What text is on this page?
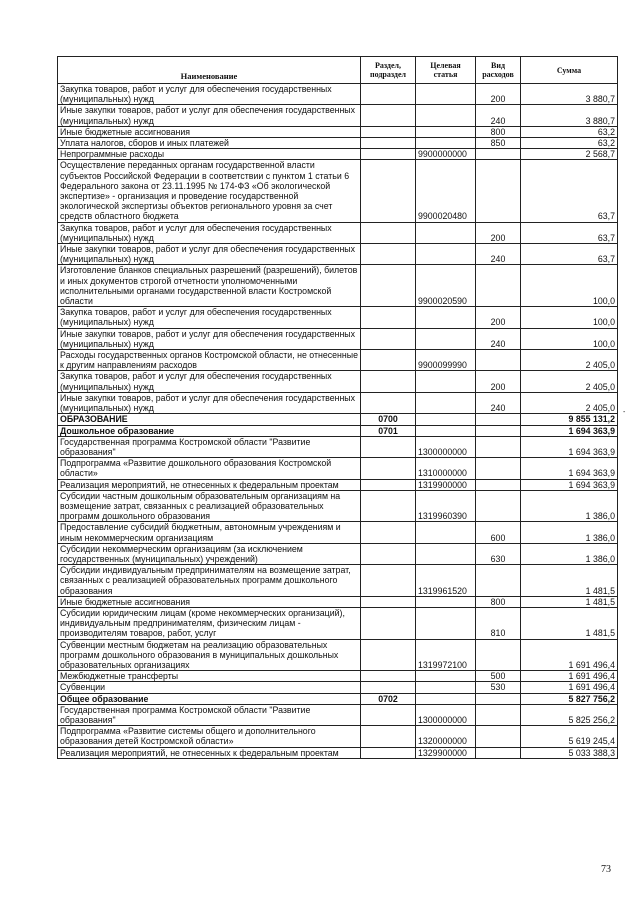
Наименование	Раздел, подраздел	Целевая статья	Вид расходов	Сумма
Закупка товаров, работ и услуг для обеспечения государственных (муниципальных) нужд			200	3 880,7
Иные закупки товаров, работ и услуг для обеспечения государственных (муниципальных) нужд			240	3 880,7
Иные бюджетные ассигнования			800	63,2
Уплата налогов, сборов и иных платежей			850	63,2
Непрограммные расходы		9900000000		2 568,7
Осуществление переданных органам государственной власти субъектов Российской Федерации в соответствии с пунктом 1 статьи 6 Федерального закона от 23.11.1995 № 174-ФЗ «Об экологической экспертизе» - организация и проведение государственной экологической экспертизы объектов регионального уровня за счет средств областного бюджета		9900020480		63,7
Закупка товаров, работ и услуг для обеспечения государственных (муниципальных) нужд			200	63,7
Иные закупки товаров, работ и услуг для обеспечения государственных (муниципальных) нужд			240	63,7
Изготовление бланков специальных разрешений (разрешений), билетов и иных документов строгой отчетности уполномоченными исполнительными органами государственной власти Костромской области		9900020590		100,0
Закупка товаров, работ и услуг для обеспечения государственных (муниципальных) нужд			200	100,0
Иные закупки товаров, работ и услуг для обеспечения государственных (муниципальных) нужд			240	100,0
Расходы государственных органов Костромской области, не отнесенные к другим направлениям расходов		9900099990		2 405,0
Закупка товаров, работ и услуг для обеспечения государственных (муниципальных) нужд			200	2 405,0
Иные закупки товаров, работ и услуг для обеспечения государственных (муниципальных) нужд			240	2 405,0
ОБРАЗОВАНИЕ	0700			9 855 131,2
Дошкольное образование	0701			1 694 363,9
Государственная программа Костромской области "Развитие образования"		1300000000		1 694 363,9
Подпрограмма «Развитие дошкольного образования Костромской области»		1310000000		1 694 363,9
Реализация мероприятий, не отнесенных к федеральным проектам		1319900000		1 694 363,9
Субсидии частным дошкольным образовательным организациям на возмещение затрат, связанных с реализацией образовательных программ дошкольного образования		1319960390		1 386,0
Предоставление субсидий бюджетным, автономным учреждениям и иным некоммерческим организациям			600	1 386,0
Субсидии некоммерческим организациям (за исключением государственных (муниципальных) учреждений)			630	1 386,0
Субсидии индивидуальным предпринимателям на возмещение затрат, связанных с реализацией образовательных программ дошкольного образования		1319961520		1 481,5
Иные бюджетные ассигнования			800	1 481,5
Субсидии юридическим лицам (кроме некоммерческих организаций), индивидуальным предпринимателям, физическим лицам - производителям товаров, работ, услуг			810	1 481,5
Субвенции местным бюджетам на реализацию образовательных программ дошкольного образования в муниципальных дошкольных образовательных организациях		1319972100		1 691 496,4
Межбюджетные трансферты			500	1 691 496,4
Субвенции			530	1 691 496,4
Общее образование	0702			5 827 756,2
Государственная программа Костромской области "Развитие образования"		1300000000		5 825 256,2
Подпрограмма «Развитие системы общего и дополнительного образования детей Костромской области»		1320000000		5 619 245,4
Реализация мероприятий, не отнесенных к федеральным проектам		1329900000		5 033 388,3
-
73
